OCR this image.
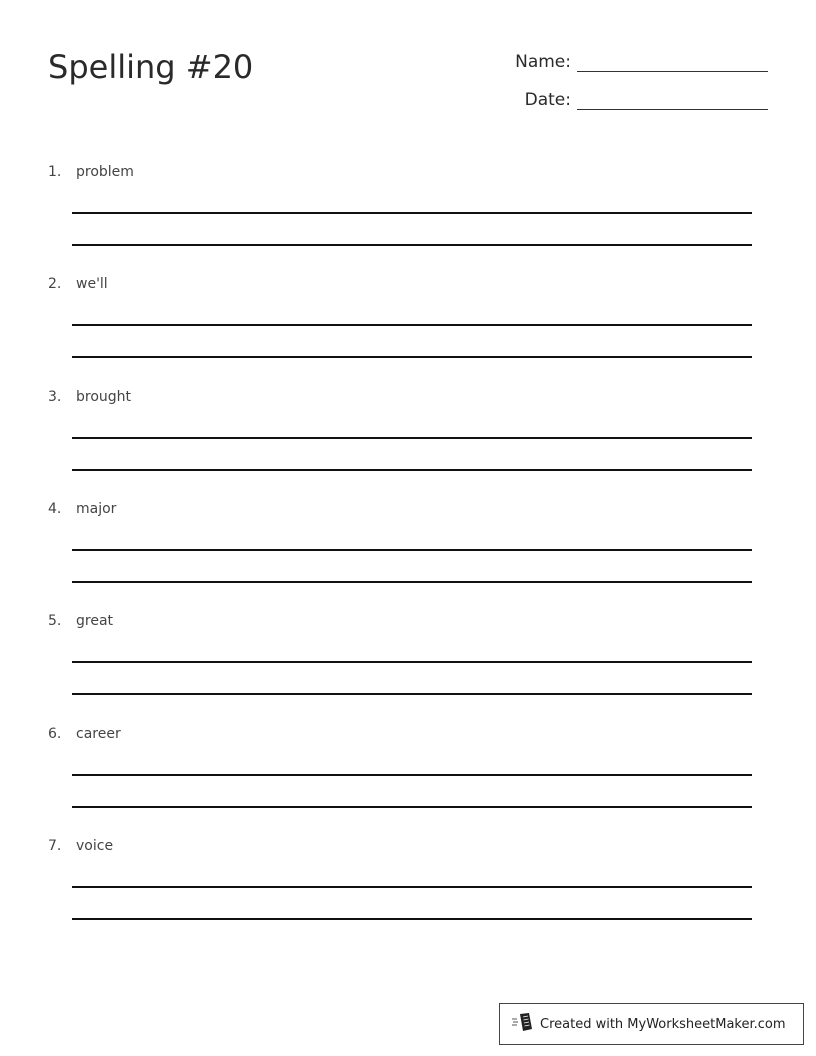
Spelling #20	Name:
Date:
1. problem
2. we'll
3. brought
4. major
5. great
6. career
7. voice
Created with MyWorksheetMaker.com
